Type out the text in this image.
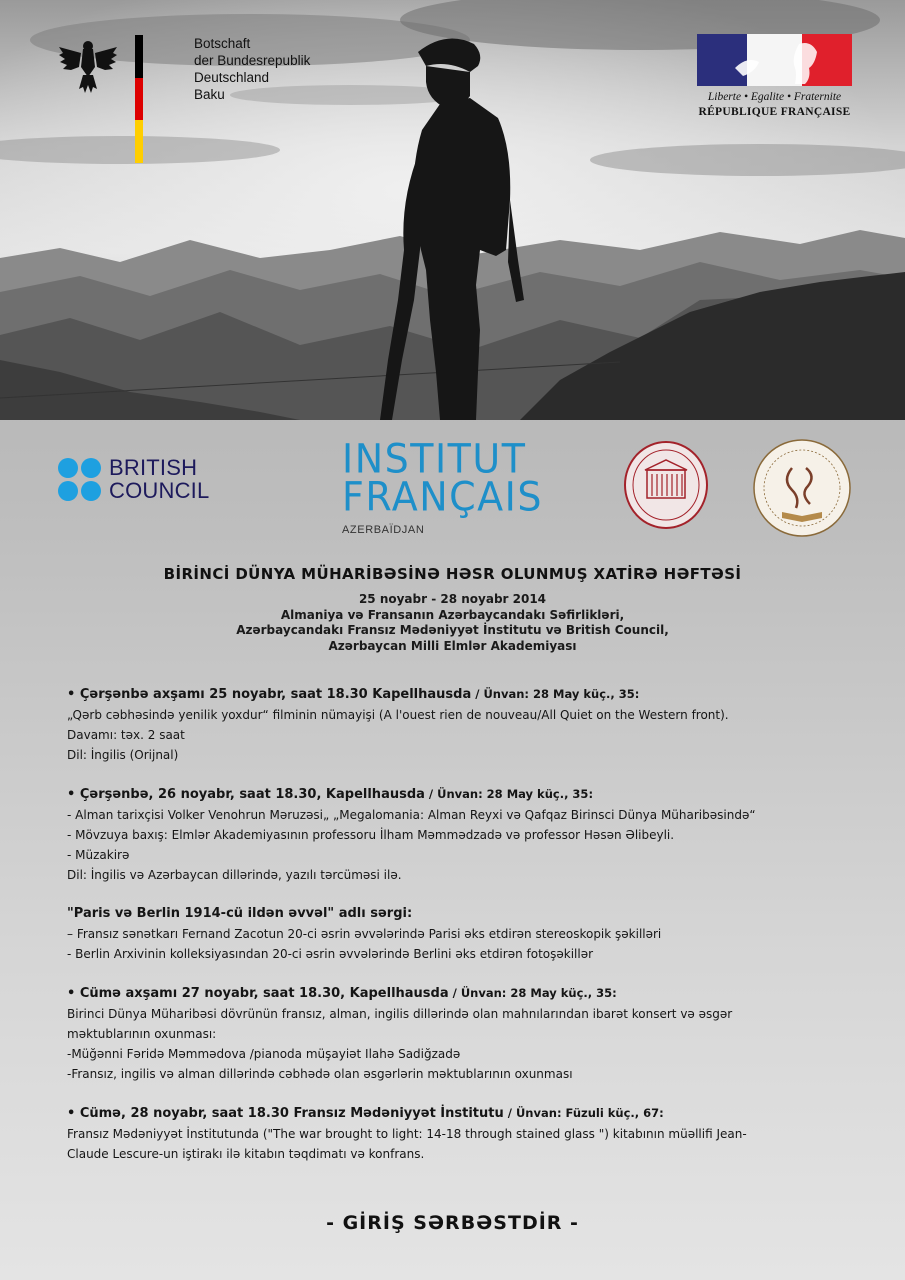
Botschaft
der Bundesrepublik Deutschland
Baku	Liberte • Egalite • Fraternite
RÉPUBLIQUE FRANÇAISE
BRITISH
COUNCIL
INSTITUT
FRANÇAIS
AZERBAÏDJAN
BİRİNCİ DÜNYA MÜHARİBƏSİNƏ HƏSR OLUNMUŞ XATİRƏ HƏFTƏSİ
25 noyabr - 28 noyabr 2014
Almaniya və Fransanın Azərbaycandakı Səfirlikləri,
Azərbaycandakı Fransız Mədəniyyət İnstitutu və British Council,
Azərbaycan Milli Elmlər Akademiyası
• Çərşənbə axşamı 25 noyabr, saat 18.30 Kapellhausda / Ünvan: 28 May küç., 35:
„Qərb cəbhəsində yenilik yoxdur“ filminin nümayişi (A l'ouest rien de nouveau/All Quiet on the Western front).
Davamı: təx. 2 saat
Dil: İngilis (Orijnal)
• Çərşənbə, 26 noyabr, saat 18.30, Kapellhausda / Ünvan: 28 May küç., 35:
- Alman tarixçisi Volker Venohrun Məruzəsi„ „Megalomania: Alman Reyxi və Qafqaz Birinsci Dünya Müharibəsində“
- Mövzuya baxış: Elmlər Akademiyasının professoru İlham Məmmədzadə və professor Həsən Əlibeyli.
- Müzakirə
Dil: İngilis və Azərbaycan dillərində, yazılı tərcüməsi ilə.
"Paris və Berlin 1914-cü ildən əvvəl" adlı sərgi:
– Fransız sənətkarı Fernand Zacotun 20-ci əsrin əvvələrində Parisi əks etdirən stereoskopik şəkilləri
- Berlin Arxivinin kolleksiyasından 20-ci əsrin əvvələrində Berlini əks etdirən fotoşəkillər
• Cümə axşamı 27 noyabr, saat 18.30, Kapellhausda / Ünvan: 28 May küç., 35:
Birinci Dünya Müharibəsi dövrünün fransız, alman, ingilis dillərində olan mahnılarından ibarət konsert və əsgər
məktublarının oxunması:
-Müğənni Fəridə Məmmədova /pianoda müşayiət Ilahə Sadiğzadə
-Fransız, ingilis və alman dillərində cəbhədə olan əsgərlərin məktublarının oxunması
• Cümə, 28 noyabr, saat 18.30 Fransız Mədəniyyət İnstitutu / Ünvan: Füzuli küç., 67:
Fransız Mədəniyyət İnstitutunda ("The war brought to light: 14-18 through stained glass ") kitabının müəllifi Jean-
Claude Lescure-un iştirakı ilə kitabın təqdimatı və konfrans.
- GİRİŞ SƏRBƏSTDİR -
